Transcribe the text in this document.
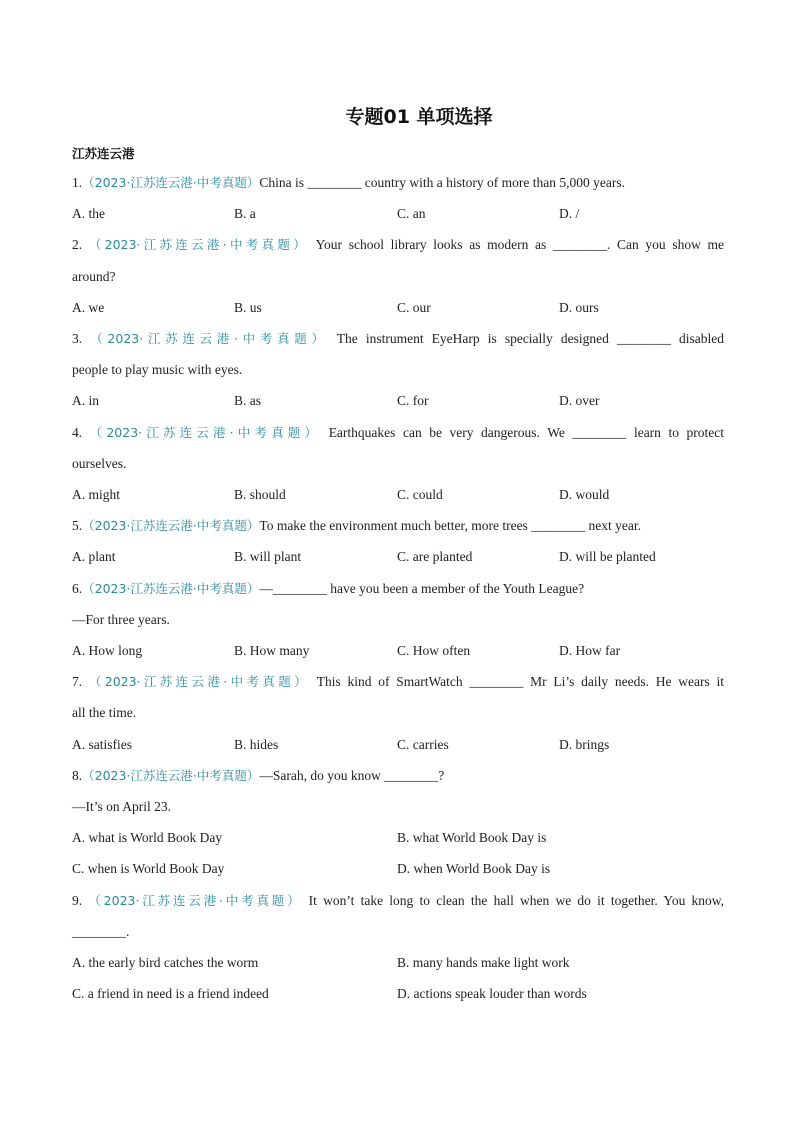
专题01 单项选择
江苏连云港
1.（2023·江苏连云港·中考真题）China is ________ country with a history of more than 5,000 years.
A. the	B. a	C. an	D. /
2. （2023·江苏连云港·中考真题） Your school library looks as modern as ________. Can you show me
around?
A. we	B. us	C. our	D. ours
3. （2023·江苏连云港·中考真题） The instrument EyeHarp is specially designed ________ disabled
people to play music with eyes.
A. in	B. as	C. for	D. over
4. （2023·江苏连云港·中考真题） Earthquakes can be very dangerous. We ________ learn to protect
ourselves.
A. might	B. should	C. could	D. would
5.（2023·江苏连云港·中考真题）To make the environment much better, more trees ________ next year.
A. plant	B. will plant	C. are planted	D. will be planted
6.（2023·江苏连云港·中考真题）—________ have you been a member of the Youth League?
—For three years.
A. How long	B. How many	C. How often	D. How far
7. （2023·江苏连云港·中考真题） This kind of SmartWatch ________ Mr Li’s daily needs. He wears it
all the time.
A. satisfies	B. hides	C. carries	D. brings
8.（2023·江苏连云港·中考真题）—Sarah, do you know ________?
—It’s on April 23.
A. what is World Book Day	B. what World Book Day is
C. when is World Book Day	D. when World Book Day is
9. （2023·江苏连云港·中考真题） It won’t take long to clean the hall when we do it together. You know,
________.
A. the early bird catches the worm	B. many hands make light work
C. a friend in need is a friend indeed	D. actions speak louder than words
